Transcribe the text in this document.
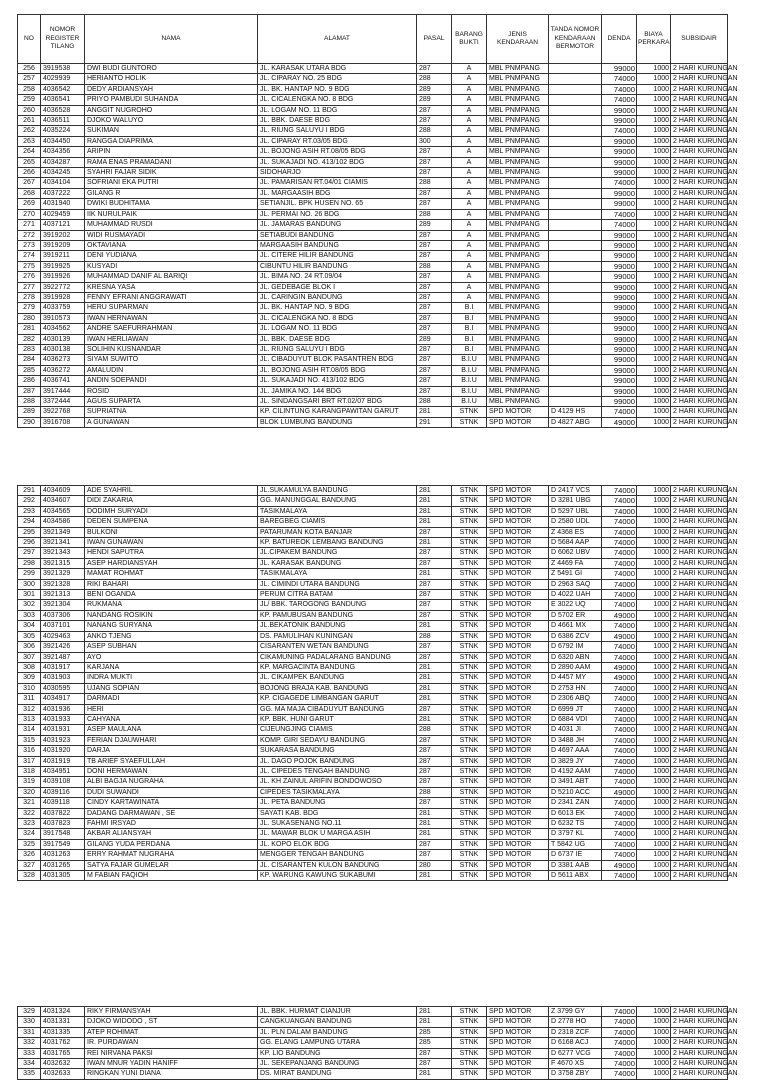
NO	NOMOR REGISTER TILANG	NAMA	ALAMAT	PASAL	BARANG BUKTI	JENIS KENDARAAN	TANDA NOMOR KENDARAAN BERMOTOR	DENDA	BIAYA PERKARA	SUBSIDAIR
256	3919538	DWI BUDI GUNTORO	JL. KARASAK UTARA BDG	287	A	MBL PNMPANG		99000	1000	2 HARI KURUNGAN
257	4029939	HERIANTO HOLIK	JL. CIPARAY NO. 25 BDG	288	A	MBL PNMPANG		74000	1000	2 HARI KURUNGAN
258	4036542	DEDY ARDIANSYAH	JL. BK. HANTAP NO. 9 BDG	289	A	MBL PNMPANG		74000	1000	2 HARI KURUNGAN
259	4036541	PRIYO PAMBUDI SUHANDA	JL. CICALENGKA NO. 8 BDG	289	A	MBL PNMPANG		74000	1000	2 HARI KURUNGAN
260	4036528	ANGGIT NUGROHO	JL. LOGAM NO. 11 BDG	287	A	MBL PNMPANG		99000	1000	2 HARI KURUNGAN
261	4036511	DJOKO WALUYO	JL. BBK. DAESE BDG	287	A	MBL PNMPANG		99000	1000	2 HARI KURUNGAN
262	4035224	SUKIMAN	JL. RIUNG SALUYU I BDG	288	A	MBL PNMPANG		74000	1000	2 HARI KURUNGAN
263	4034450	RANGGA DIAPRIMA	JL. CIPARAY RT.03/05 BDG	300	A	MBL PNMPANG		99000	1000	2 HARI KURUNGAN
264	4034356	ARIPIN	JL. BOJONG ASIH RT.08/05 BDG	287	A	MBL PNMPANG		99000	1000	2 HARI KURUNGAN
265	4034287	RAMA ENAS PRAMADANI	JL. SUKAJADI NO. 413/102 BDG	287	A	MBL PNMPANG		99000	1000	2 HARI KURUNGAN
266	4034245	SYAHRI FAJAR SIDIK	SIDOHARJO	287	A	MBL PNMPANG		99000	1000	2 HARI KURUNGAN
267	4034104	SOFRIANI EKA PUTRI	JL. PAMARISAN RT.04/01 CIAMIS	288	A	MBL PNMPANG		74000	1000	2 HARI KURUNGAN
268	4037222	GILANG R	JL. MARGAASIH BDG	287	A	MBL PNMPANG		99000	1000	2 HARI KURUNGAN
269	4031940	DWIKI BUDHITAMA	SETIANJIL. BPK HUSEN NO. 65	287	A	MBL PNMPANG		99000	1000	2 HARI KURUNGAN
270	4029459	IIK NURULPAIK	JL. PERMAI NO. 26 BDG	288	A	MBL PNMPANG		74000	1000	2 HARI KURUNGAN
271	4037121	MUHAMMAD RUSDI	JL. JAMARAS BANDUNG	289	A	MBL PNMPANG		74000	1000	2 HARI KURUNGAN
272	3919202	WIDI RUSMAYADI	SETIABUDI BANDUNG	287	A	MBL PNMPANG		99000	1000	2 HARI KURUNGAN
273	3919209	OKTAVIANA	MARGAASIH BANDUNG	287	A	MBL PNMPANG		99000	1000	2 HARI KURUNGAN
274	3919211	DENI YUDIANA	JL. CITERE HILIR BANDUNG	287	A	MBL PNMPANG		99000	1000	2 HARI KURUNGAN
275	3919925	KUSYADI	CIBUNTU HILIR BANDUNG	288	A	MBL PNMPANG		99000	1000	2 HARI KURUNGAN
276	3919926	MUHAMMAD DANIF AL BARIQI	JL. BIMA NO. 24 RT.09/04	287	A	MBL PNMPANG		99000	1000	2 HARI KURUNGAN
277	3922772	KRESNA YASA	JL. GEDEBAGE BLOK I	287	A	MBL PNMPANG		99000	1000	2 HARI KURUNGAN
278	3919928	FENNY EFRANI ANGGRAWATI	JL. CARINGIN BANDUNG	287	A	MBL PNMPANG		99000	1000	2 HARI KURUNGAN
279	4033759	HERU SUPARMAN	JL. BK. HANTAP NO. 9 BDG	287	B.I	MBL PNMPANG		99000	1000	2 HARI KURUNGAN
280	3910573	IWAN HERNAWAN	JL. CICALENGKA NO. 8 BDG	287	B.I	MBL PNMPANG		99000	1000	2 HARI KURUNGAN
281	4034562	ANDRE SAEFURRAHMAN	JL. LOGAM NO. 11 BDG	287	B.I	MBL PNMPANG		99000	1000	2 HARI KURUNGAN
282	4030139	IWAN HERLIAWAN	JL. BBK. DAESE BDG	289	B.I	MBL PNMPANG		99000	1000	2 HARI KURUNGAN
283	4030138	SOLIHIN KUSNANDAR	JL. RIUNG SALUYU I BDG	287	B.I	MBL PNMPANG		99000	1000	2 HARI KURUNGAN
284	4036273	SIYAM SUWITO	JL. CIBADUYUT BLOK PASANTREN BDG	287	B.I.U	MBL PNMPANG		99000	1000	2 HARI KURUNGAN
285	4036272	AMALUDIN	JL. BOJONG ASIH RT.08/05 BDG	287	B.I.U	MBL PNMPANG		99000	1000	2 HARI KURUNGAN
286	4036741	ANDIN SOEPANDI	JL. SUKAJADI NO. 413/102 BDG	287	B.I.U	MBL PNMPANG		99000	1000	2 HARI KURUNGAN
287	3917444	ROSID	JL. JAMIKA NO. 144 BDG	287	B.I.U	MBL PNMPANG		99000	1000	2 HARI KURUNGAN
288	3372444	AGUS SUPARTA	JL. SINDANGSARI BRT RT.02/07 BDG	288	B.I.U	MBL PNMPANG		99000	1000	2 HARI KURUNGAN
289	3922768	SUPRIATNA	KP. CILINTUNG KARANGPAWITAN GARUT	281	STNK	SPD MOTOR	D 4129 HS	74000	1000	2 HARI KURUNGAN
290	3916708	A GUNAWAN	BLOK LUMBUNG BANDUNG	291	STNK	SPD MOTOR	D 4827 ABG	49000	1000	2 HARI KURUNGAN
291	4034609	ADE SYAHRIL	JL.SUKAMULYA BANDUNG	281	STNK	SPD MOTOR	D 2417 VCS	74000	1000	2 HARI KURUNGAN
292	4034607	DIDI ZAKARIA	GG. MANUNGGAL BANDUNG	281	STNK	SPD MOTOR	D 3281 UBG	74000	1000	2 HARI KURUNGAN
293	4034565	DODIMH SURYADI	TASIKMALAYA	281	STNK	SPD MOTOR	D 5297 UBL	74000	1000	2 HARI KURUNGAN
294	4034586	DEDEN SUMPENA	BAREGBEG CIAMIS	281	STNK	SPD MOTOR	D 2580 UDL	74000	1000	2 HARI KURUNGAN
295	3921349	BULKONI	PATARUMAN KOTA BANJAR	287	STNK	SPD MOTOR	Z 4368 ES	74000	1000	2 HARI KURUNGAN
296	3921341	IWAN GUNAWAN	KP. BATUREOK LEMBANG BANDUNG	281	STNK	SPD MOTOR	D 5684 AAP	74000	1000	2 HARI KURUNGAN
297	3921343	HENDI SAPUTRA	JL.CIPAKEM BANDUNG	287	STNK	SPD MOTOR	D 6062 UBV	74000	1000	2 HARI KURUNGAN
298	3921315	ASEP HARDIANSYAH	JL. KARASAK BANDUNG	287	STNK	SPD MOTOR	Z 4469 FA	74000	1000	2 HARI KURUNGAN
299	3921329	MAMAT ROHMAT	TASIKMALAYA	281	STNK	SPD MOTOR	Z 5491 GI	74000	1000	2 HARI KURUNGAN
300	3921328	RIKI BAHARI	JL. CIMINDI UTARA BANDUNG	287	STNK	SPD MOTOR	D 2963 SAQ	74000	1000	2 HARI KURUNGAN
301	3921313	BENI OGANDA	PERUM CITRA BATAM	287	STNK	SPD MOTOR	D 4022 UAH	74000	1000	2 HARI KURUNGAN
302	3921304	RUKMANA	JL/ BBK. TAROGONG BANDUNG	287	STNK	SPD MOTOR	E 3022 UQ	74000	1000	2 HARI KURUNGAN
303	4037306	NANDANG ROSIKIN	KP. PAMUBUSAN BANDUNG	287	STNK	SPD MOTOR	D 5702 ER	49000	1000	2 HARI KURUNGAN
304	4037101	NANANG SURYANA	JL.BEKATONIK BANDUNG	281	STNK	SPD MOTOR	D 4661 MX	74000	1000	2 HARI KURUNGAN
305	4029463	ANKO TJENG	DS. PAMULIHAN KUNINGAN	288	STNK	SPD MOTOR	D 6386 ZCV	49000	1000	2 HARI KURUNGAN
306	3921426	ASEP SUBHAN	CISARANTEN WETAN BANDUNG	287	STNK	SPD MOTOR	D 6792 IM	74000	1000	2 HARI KURUNGAN
307	3921487	AYO	CIKAMUNING PADALARANG BANDUNG	287	STNK	SPD MOTOR	D 6320 ABN	74000	1000	2 HARI KURUNGAN
308	4031917	KARJANA	KP. MARGACINTA BANDUNG	281	STNK	SPD MOTOR	D 2890 AAM	49000	1000	2 HARI KURUNGAN
309	4031903	INDRA MUKTI	JL. CIKAMPEK BANDUNG	281	STNK	SPD MOTOR	D 4457 MY	49000	1000	2 HARI KURUNGAN
310	4030595	UJANG SOPIAN	BOJONG BRAJA KAB. BANDUNG	281	STNK	SPD MOTOR	D 2753 HN	74000	1000	2 HARI KURUNGAN
311	4034917	DARMADI	KP. CIGAGEDE LIMBANGAN GARUT	281	STNK	SPD MOTOR	D 2306 ABQ	74000	1000	2 HARI KURUNGAN
312	4031936	HERI	GG. MA MAJA CIBADUYUT BANDUNG	287	STNK	SPD MOTOR	D 6999 JT	74000	1000	2 HARI KURUNGAN
313	4031933	CAHYANA	KP. BBK. HUNI GARUT	281	STNK	SPD MOTOR	D 6884 VDI	74000	1000	2 HARI KURUNGAN
314	4031931	ASEP MAULANA	CIJEUNGJING CIAMIS	288	STNK	SPD MOTOR	D 4031 JI	74000	1000	2 HARI KURUNGAN
315	4031923	FERIAN DJAUWHARI	KOMP. GIRI SEDAYU BANDUNG	287	STNK	SPD MOTOR	D 3488 JH	74000	1000	2 HARI KURUNGAN
316	4031920	DARJA	SUKARASA BANDUNG	287	STNK	SPD MOTOR	D 4697 AAA	74000	1000	2 HARI KURUNGAN
317	4031919	TB ARIEF SYAEFULLAH	JL. DAGO POJOK BANDUNG	287	STNK	SPD MOTOR	D 3829 JY	74000	1000	2 HARI KURUNGAN
318	4034951	DONI HERMAWAN	JL. CIPEDES TENGAH BANDUNG	287	STNK	SPD MOTOR	D 4192 AAM	74000	1000	2 HARI KURUNGAN
319	4039108	ALBI BAGJA NUGRAHA	JL. KH ZAINUL ARIFIN BONDOWOSO	287	STNK	SPD MOTOR	D 3491 ABT	74000	1000	2 HARI KURUNGAN
320	4039116	DUDI SUWANDI	CIPEDES TASIKMALAYA	288	STNK	SPD MOTOR	D 5210 ACC	49000	1000	2 HARI KURUNGAN
321	4039118	CINDY KARTAWINATA	JL. PETA BANDUNG	287	STNK	SPD MOTOR	D 2341 ZAN	74000	1000	2 HARI KURUNGAN
322	4037822	DADANG DARMAWAN , SE	SAYATI KAB. BDG	281	STNK	SPD MOTOR	D 6013 EK	74000	1000	2 HARI KURUNGAN
323	4037823	FAHMI IRSYAD	JL. SUKASENANG NO.11	281	STNK	SPD MOTOR	D 6232 TS	74000	1000	2 HARI KURUNGAN
324	3917548	AKBAR ALIANSYAH	JL. MAWAR BLOK U MARGA ASIH	281	STNK	SPD MOTOR	D 3797 KL	74000	1000	2 HARI KURUNGAN
325	3917549	GILANG YUDA PERDANA	JL. KOPO ELOK BDG	287	STNK	SPD MOTOR	T 5842 UG	74000	1000	2 HARI KURUNGAN
326	4031263	ERRY RAHMAT NUGRAHA	MENGGER TENGAH BANDUNG	287	STNK	SPD MOTOR	D 6737 IE	74000	1000	2 HARI KURUNGAN
327	4031265	SATYA FAJAR GUMELAR	JL. CISARANTEN KULON BANDUNG	280	STNK	SPD MOTOR	D 3381 AAB	49000	1000	2 HARI KURUNGAN
328	4031305	M FABIAN FAQIOH	KP. WARUNG KAWUNG SUKABUMI	281	STNK	SPD MOTOR	D 5611 ABX	74000	1000	2 HARI KURUNGAN
329	4031324	RIKY FIRMANSYAH	JL. BBK. HURMAT CIANJUR	281	STNK	SPD MOTOR	Z 3799 GY	74000	1000	2 HARI KURUNGAN
330	4031331	DJOKO WIDODO , ST	CANGKUANGAN BANDUNG	281	STNK	SPD MOTOR	D 2778 HO	74000	1000	2 HARI KURUNGAN
331	4031335	ATEP ROHIMAT	JL. PLN DALAM BANDUNG	285	STNK	SPD MOTOR	D 2318 ZCF	74000	1000	2 HARI KURUNGAN
332	4031762	IR. PURDAWAN	GG. ELANG LAMPUNG UTARA	285	STNK	SPD MOTOR	D 6168 ACJ	74000	1000	2 HARI KURUNGAN
333	4031765	REI NIRVANA PAKSI	KP. LIO BANDUNG	287	STNK	SPD MOTOR	D 6277 VCG	74000	1000	2 HARI KURUNGAN
334	4032632	IWAN MNUR YADIN HANIFF	JL. SEKEPANJANG BANDUNG	287	STNK	SPD MOTOR	F 4670 XS	74000	1000	2 HARI KURUNGAN
335	4032633	RINGKAN YUNI DIANA	DS. MIRAT BANDUNG	281	STNK	SPD MOTOR	D 3758 ZBY	74000	1000	2 HARI KURUNGAN
